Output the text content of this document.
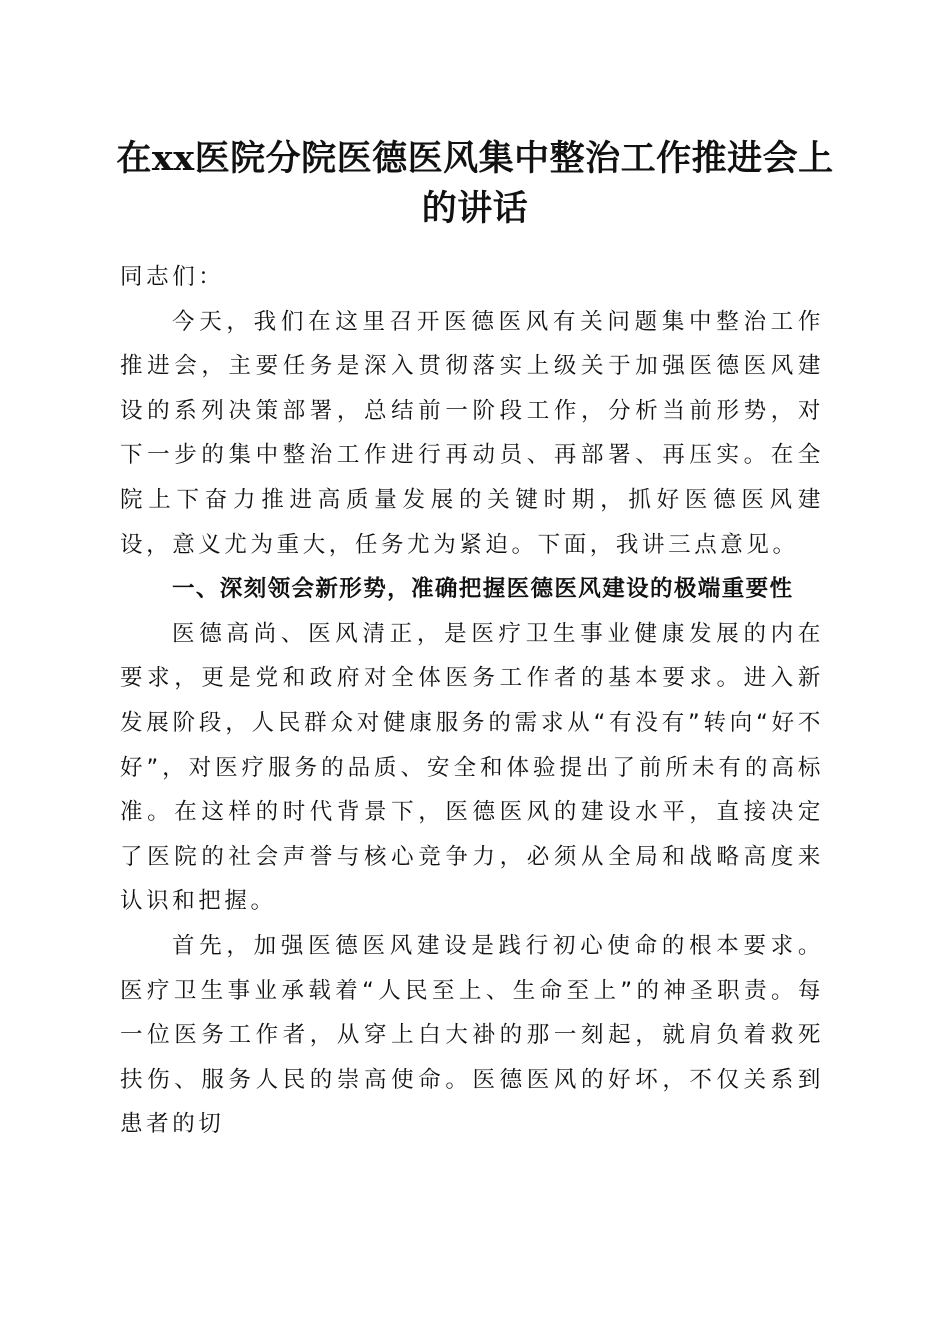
在xx医院分院医德医风集中整治工作推进会上的讲话

同志们：

今天，我们在这里召开医德医风有关问题集中整治工作推进会，主要任务是深入贯彻落实上级关于加强医德医风建设的系列决策部署，总结前一阶段工作，分析当前形势，对下一步的集中整治工作进行再动员、再部署、再压实。在全院上下奋力推进高质量发展的关键时期，抓好医德医风建设，意义尤为重大，任务尤为紧迫。下面，我讲三点意见。

一、深刻领会新形势，准确把握医德医风建设的极端重要性

医德高尚、医风清正，是医疗卫生事业健康发展的内在要求，更是党和政府对全体医务工作者的基本要求。进入新发展阶段，人民群众对健康服务的需求从“有没有”转向“好不好”，对医疗服务的品质、安全和体验提出了前所未有的高标准。在这样的时代背景下，医德医风的建设水平，直接决定了医院的社会声誉与核心竞争力，必须从全局和战略高度来认识和把握。

首先，加强医德医风建设是践行初心使命的根本要求。医疗卫生事业承载着“人民至上、生命至上”的神圣职责。每一位医务工作者，从穿上白大褂的那一刻起，就肩负着救死扶伤、服务人民的崇高使命。医德医风的好坏，不仅关系到患者的切
